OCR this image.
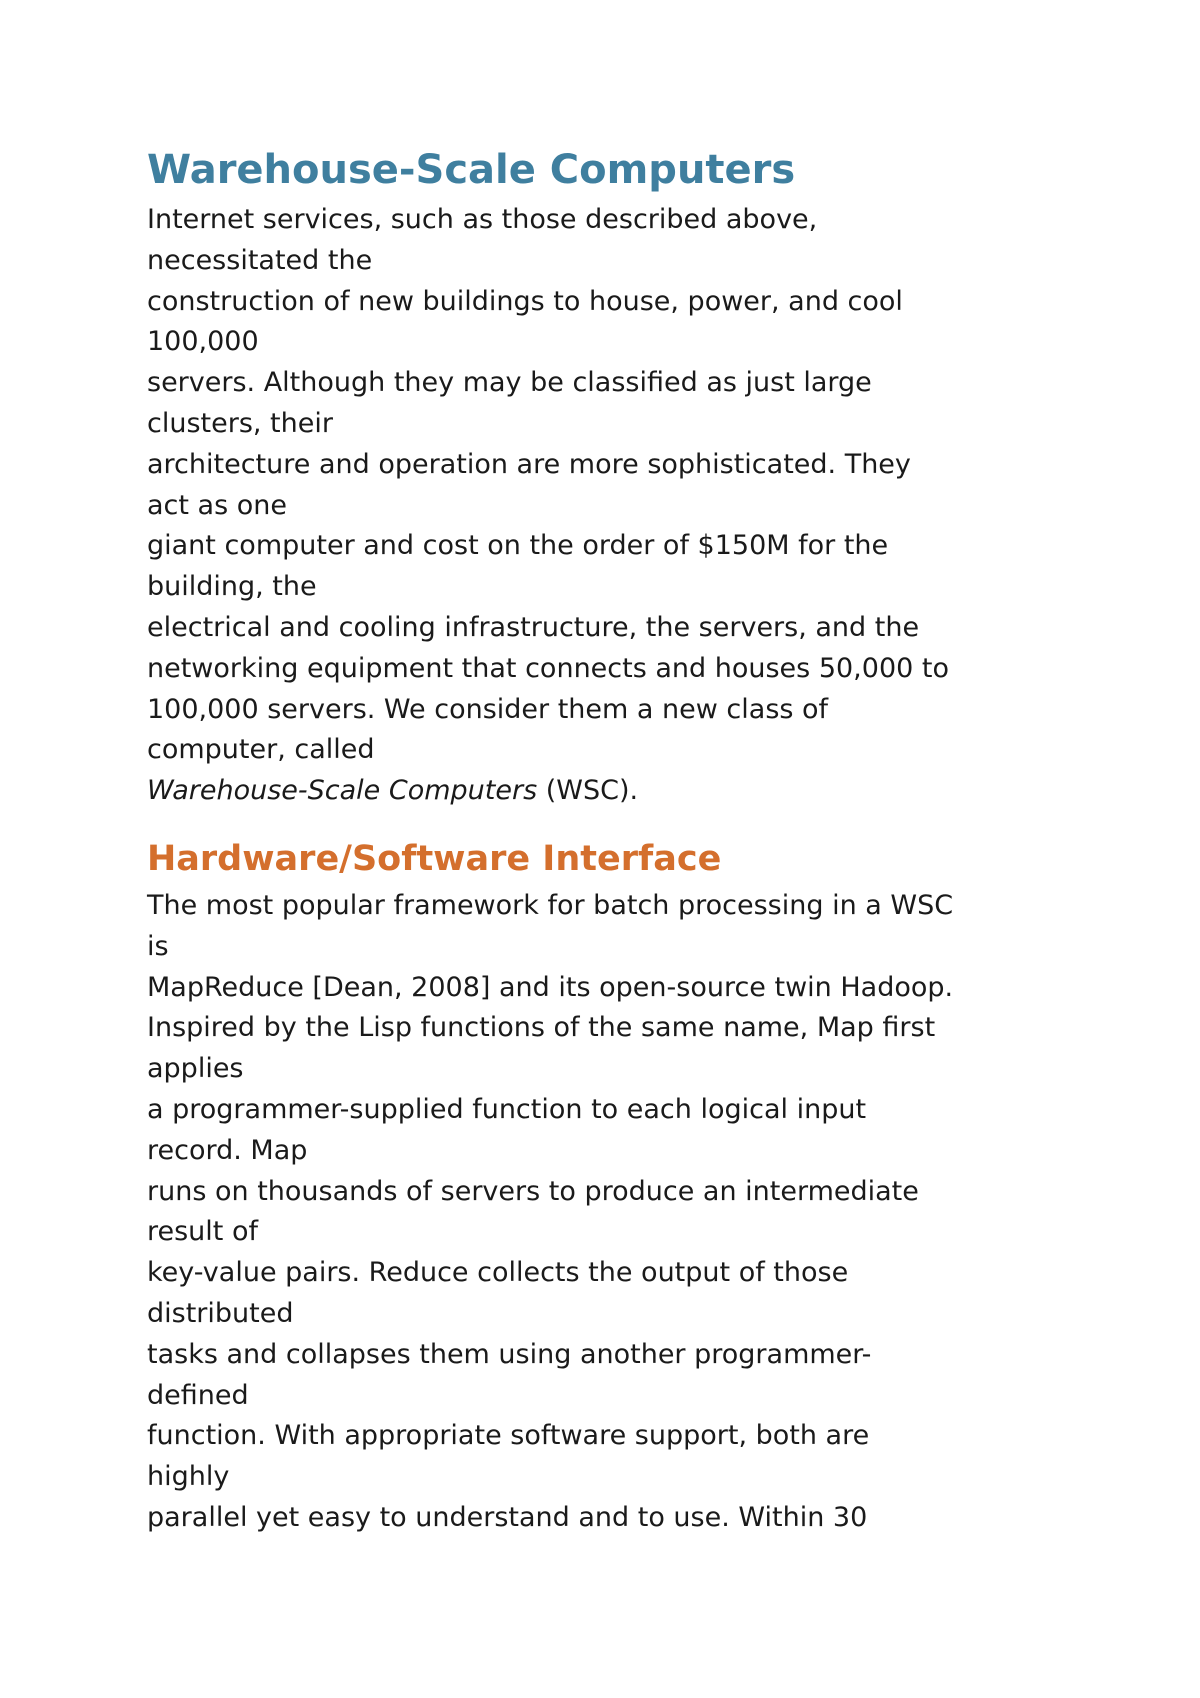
Warehouse-Scale Computers
Internet services, such as those described above,
necessitated the
construction of new buildings to house, power, and cool
100,000
servers. Although they may be classified as just large
clusters, their
architecture and operation are more sophisticated. They
act as one
giant computer and cost on the order of $150M for the
building, the
electrical and cooling infrastructure, the servers, and the
networking equipment that connects and houses 50,000 to
100,000 servers. We consider them a new class of
computer, called
Warehouse-Scale Computers (WSC).
Hardware/Software Interface
The most popular framework for batch processing in a WSC
is
MapReduce [Dean, 2008] and its open-source twin Hadoop.
Inspired by the Lisp functions of the same name, Map first
applies
a programmer-supplied function to each logical input
record. Map
runs on thousands of servers to produce an intermediate
result of
key-value pairs. Reduce collects the output of those
distributed
tasks and collapses them using another programmer-
defined
function. With appropriate software support, both are
highly
parallel yet easy to understand and to use. Within 30
